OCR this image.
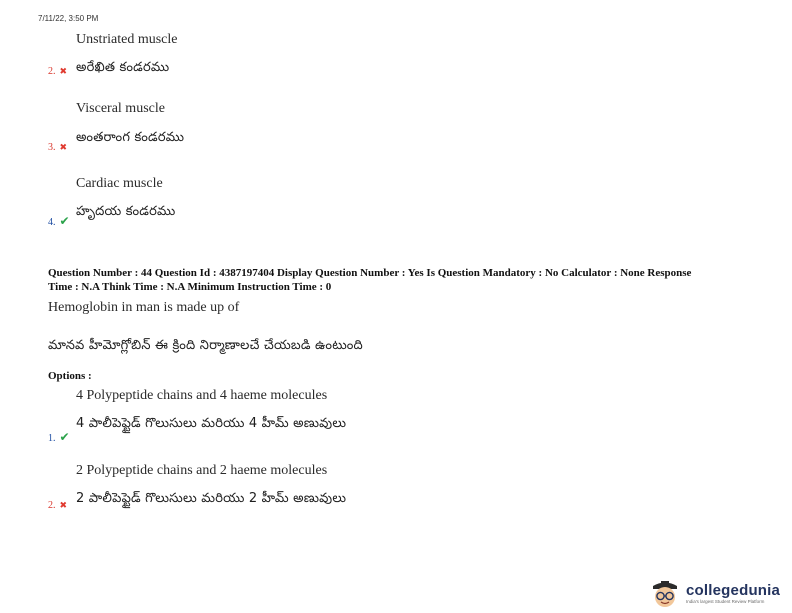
7/11/22, 3:50 PM
Unstriated muscle
2. ✖ అరేఖిత కండరము
Visceral muscle
3. ✖
అంతరాంగ కండరము
Cardiac muscle
4. ✔
హృదయ కండరము
Question Number : 44 Question Id : 4387197404 Display Question Number : Yes Is Question Mandatory : No Calculator : None Response
Time : N.A Think Time : N.A Minimum Instruction Time : 0
Hemoglobin in man is made up of
మానవ హీమోగ్లోబిన్ ఈ క్రింది నిర్మాణాలచే చేయబడి ఉంటుంది
Options :
4 Polypeptide chains and 4 haeme molecules
1. ✔
4 పాలీపెప్టైడ్ గొలుసులు మరియు 4 హీమ్ అణువులు
2 Polypeptide chains and 2 haeme molecules
2. ✖ 2 పాలీపెప్టైడ్ గొలుసులు మరియు 2 హీమ్ అణువులు
collegedunia
India's largest Student Review Platform
